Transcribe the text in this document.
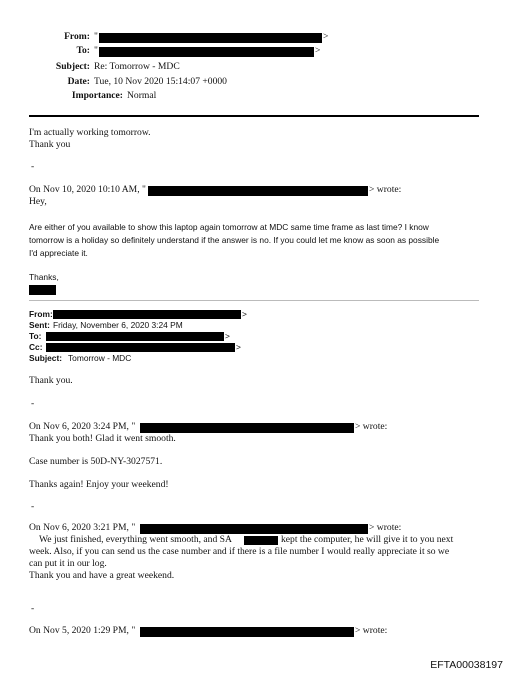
From: "	>
To: "	>
Subject: Re: Tomorrow - MDC
Date: Tue, 10 Nov 2020 15:14:07 +0000
Importance: Normal
I'm actually working tomorrow.
Thank you
-
On Nov 10, 2020 10:10 AM, "	> wrote:
Hey,
Are either of you available to show this laptop again tomorrow at MDC same time frame as last time? I know
tomorrow is a holiday so definitely understand if the answer is no. If you could let me know as soon as possible
I'd appreciate it.
Thanks,
From:	>
Sent: Friday, November 6, 2020 3:24 PM
To:	>
Cc:	>
Subject: Tomorrow - MDC
Thank you.
-
On Nov 6, 2020 3:24 PM, "	> wrote:
Thank you both! Glad it went smooth.
Case number is 50D-NY-3027571.
Thanks again! Enjoy your weekend!
-
On Nov 6, 2020 3:21 PM, "	> wrote:
We just finished, everything went smooth, and SA	kept the computer, he will give it to you next
week. Also, if you can send us the case number and if there is a file number I would really appreciate it so we
can put it in our log.
Thank you and have a great weekend.
-
On Nov 5, 2020 1:29 PM, "	> wrote:
EFTA00038197
